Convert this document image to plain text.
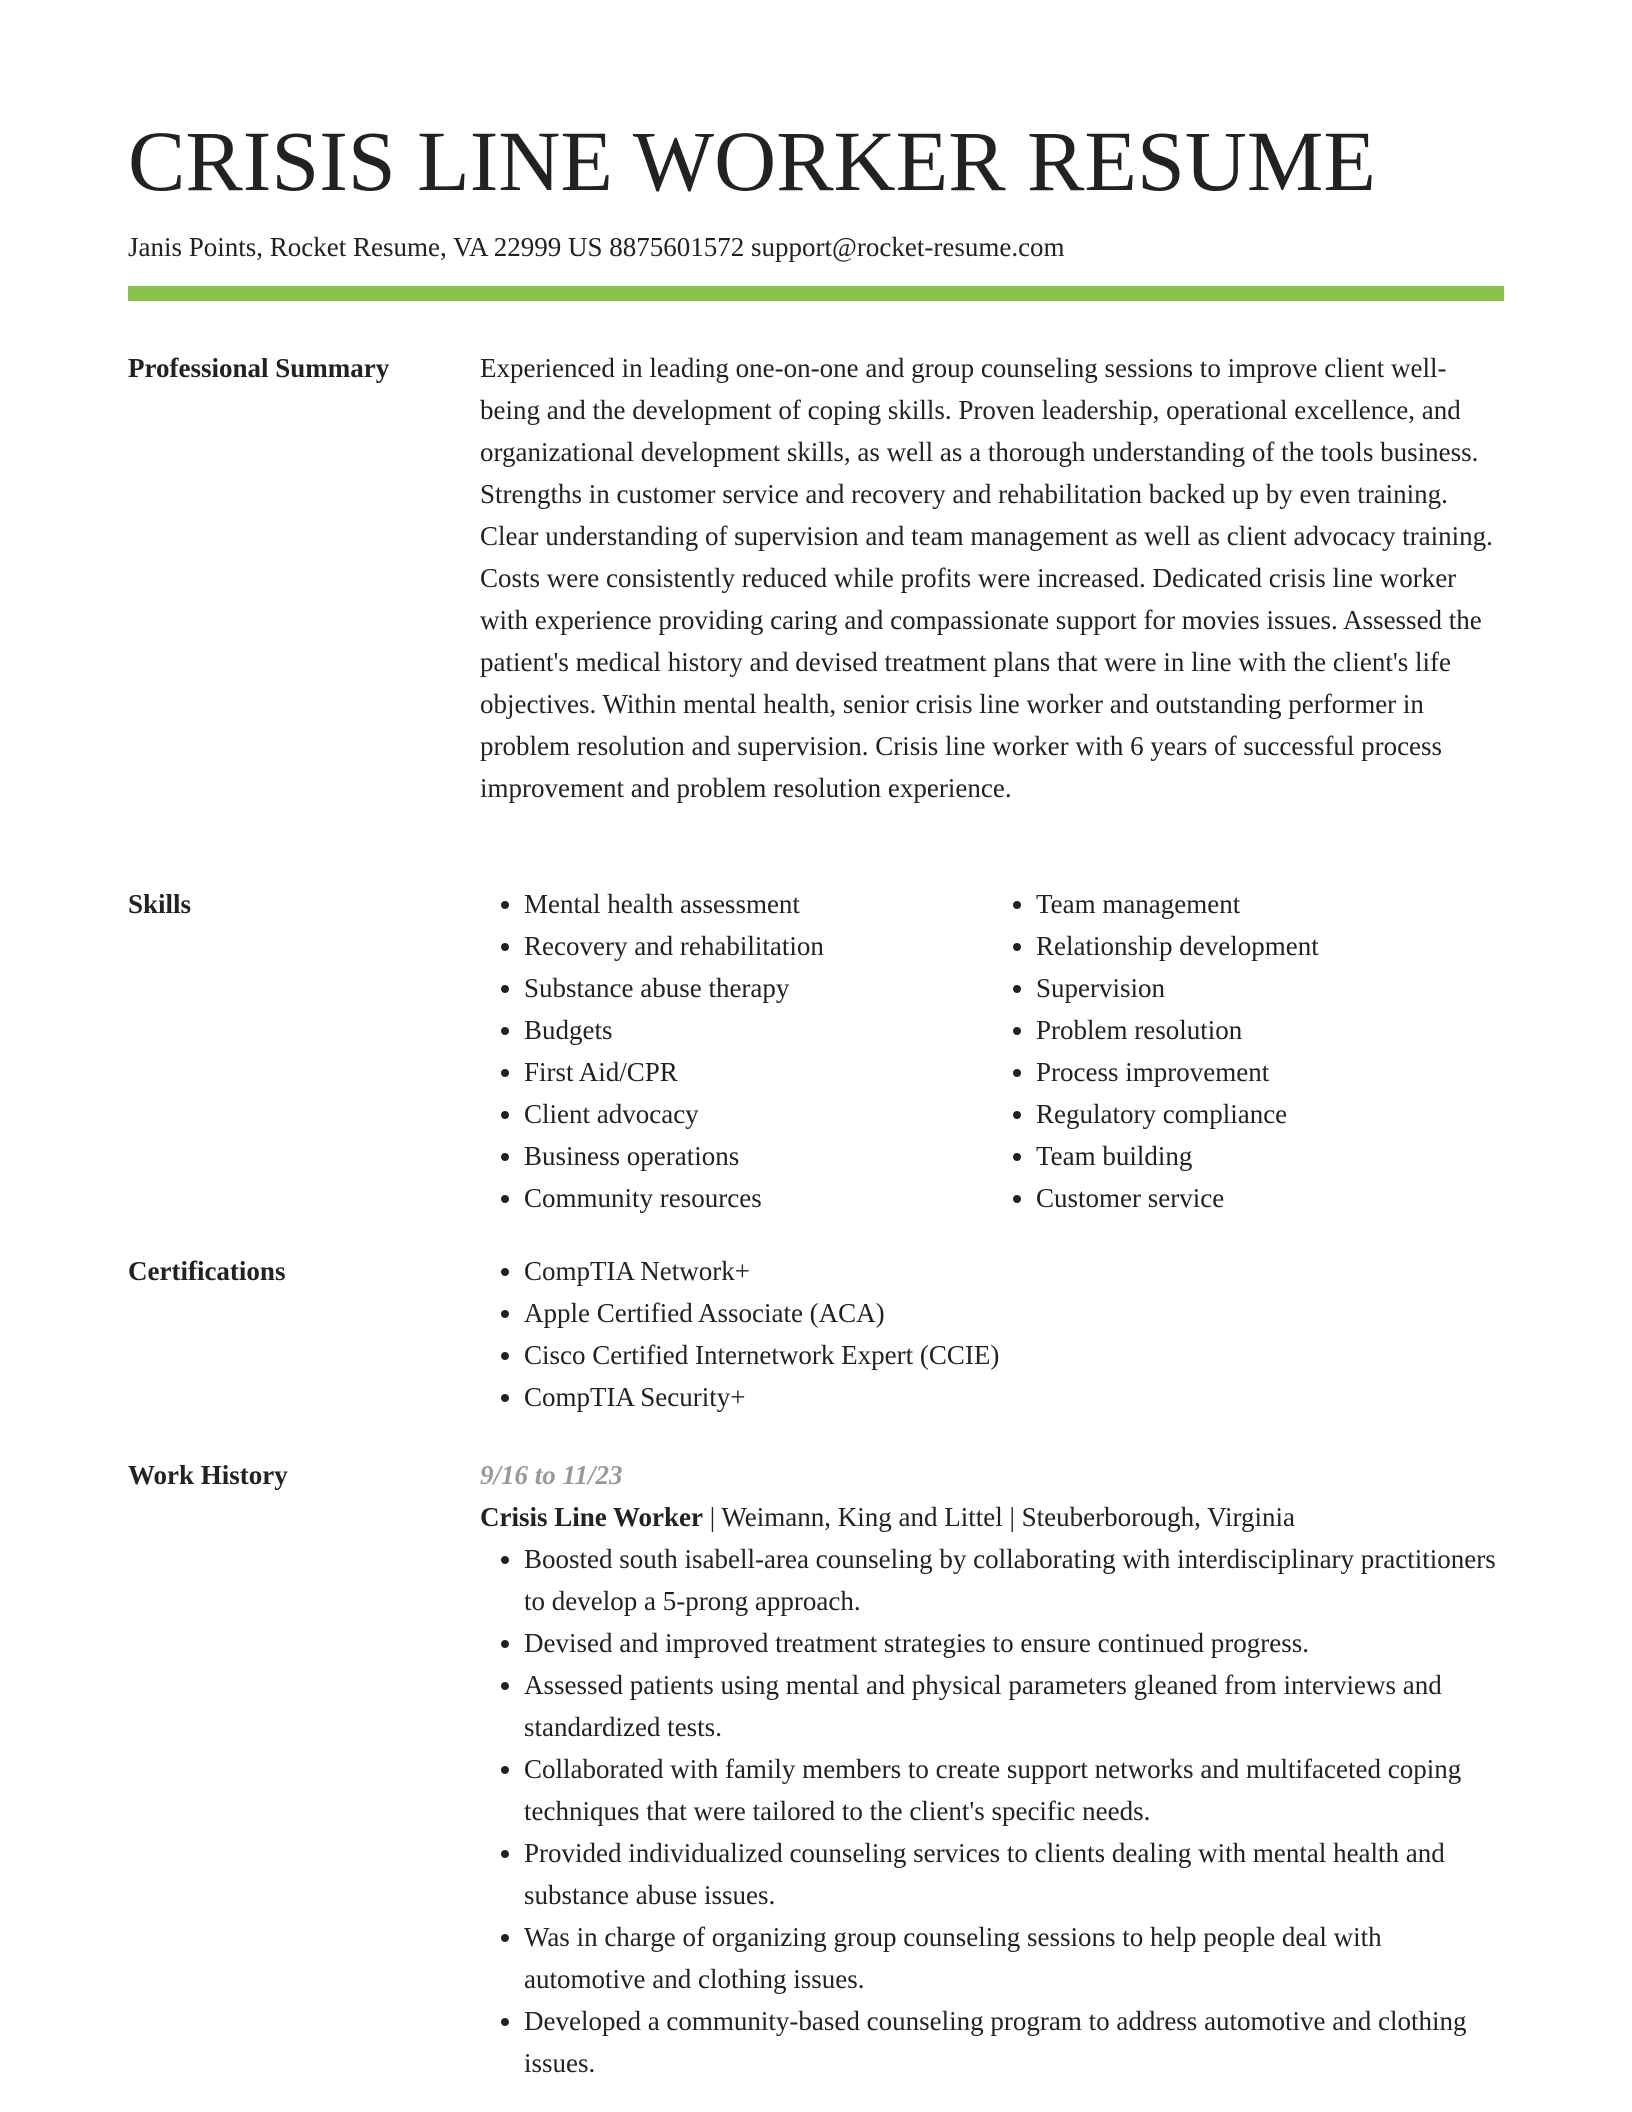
CRISIS LINE WORKER RESUME
Janis Points, Rocket Resume, VA 22999 US 8875601572 support@rocket-resume.com
Professional Summary	Experienced in leading one-on-one and group counseling sessions to improve client well-being and the development of coping skills. Proven leadership, operational excellence, and organizational development skills, as well as a thorough understanding of the tools business. Strengths in customer service and recovery and rehabilitation backed up by even training. Clear understanding of supervision and team management as well as client advocacy training. Costs were consistently reduced while profits were increased. Dedicated crisis line worker with experience providing caring and compassionate support for movies issues. Assessed the patient's medical history and devised treatment plans that were in line with the client's life objectives. Within mental health, senior crisis line worker and outstanding performer in problem resolution and supervision. Crisis line worker with 6 years of successful process improvement and problem resolution experience.

Skills	• Mental health assessment
• Recovery and rehabilitation
• Substance abuse therapy
• Budgets
• First Aid/CPR
• Client advocacy
• Business operations
• Community resources
• Team management
• Relationship development
• Supervision
• Problem resolution
• Process improvement
• Regulatory compliance
• Team building
• Customer service
Certifications	• CompTIA Network+
• Apple Certified Associate (ACA)
• Cisco Certified Internetwork Expert (CCIE)
• CompTIA Security+
Work History	9/16 to 11/23
Crisis Line Worker | Weimann, King and Littel | Steuberborough, Virginia
• Boosted south isabell-area counseling by collaborating with interdisciplinary practitioners to develop a 5-prong approach.
• Devised and improved treatment strategies to ensure continued progress.
• Assessed patients using mental and physical parameters gleaned from interviews and standardized tests.
• Collaborated with family members to create support networks and multifaceted coping techniques that were tailored to the client's specific needs.
• Provided individualized counseling services to clients dealing with mental health and substance abuse issues.
• Was in charge of organizing group counseling sessions to help people deal with automotive and clothing issues.
• Developed a community-based counseling program to address automotive and clothing issues.
